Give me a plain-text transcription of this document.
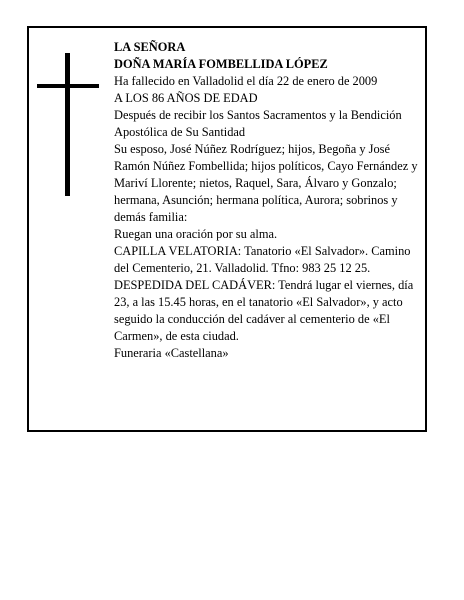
LA SEÑORA

DOÑA MARÍA FOMBELLIDA LÓPEZ

Ha fallecido en Valladolid el día 22 de enero de 2009

A LOS 86 AÑOS DE EDAD

Después de recibir los Santos Sacramentos y la Bendición Apostólica de Su Santidad

Su esposo, José Núñez Rodríguez; hijos, Begoña y José Ramón Núñez Fombellida; hijos políticos, Cayo Fernández y Mariví Llorente; nietos, Raquel, Sara, Álvaro y Gonzalo; hermana, Asunción; hermana política, Aurora; sobrinos y demás familia:

Ruegan una oración por su alma.

CAPILLA VELATORIA: Tanatorio «El Salvador». Camino del Cementerio, 21. Valladolid. Tfno: 983 25 12 25.

DESPEDIDA DEL CADÁVER: Tendrá lugar el viernes, día 23, a las 15.45 horas, en el tanatorio «El Salvador», y acto seguido la conducción del cadáver al cementerio de «El Carmen», de esta ciudad.

Funeraria «Castellana»
